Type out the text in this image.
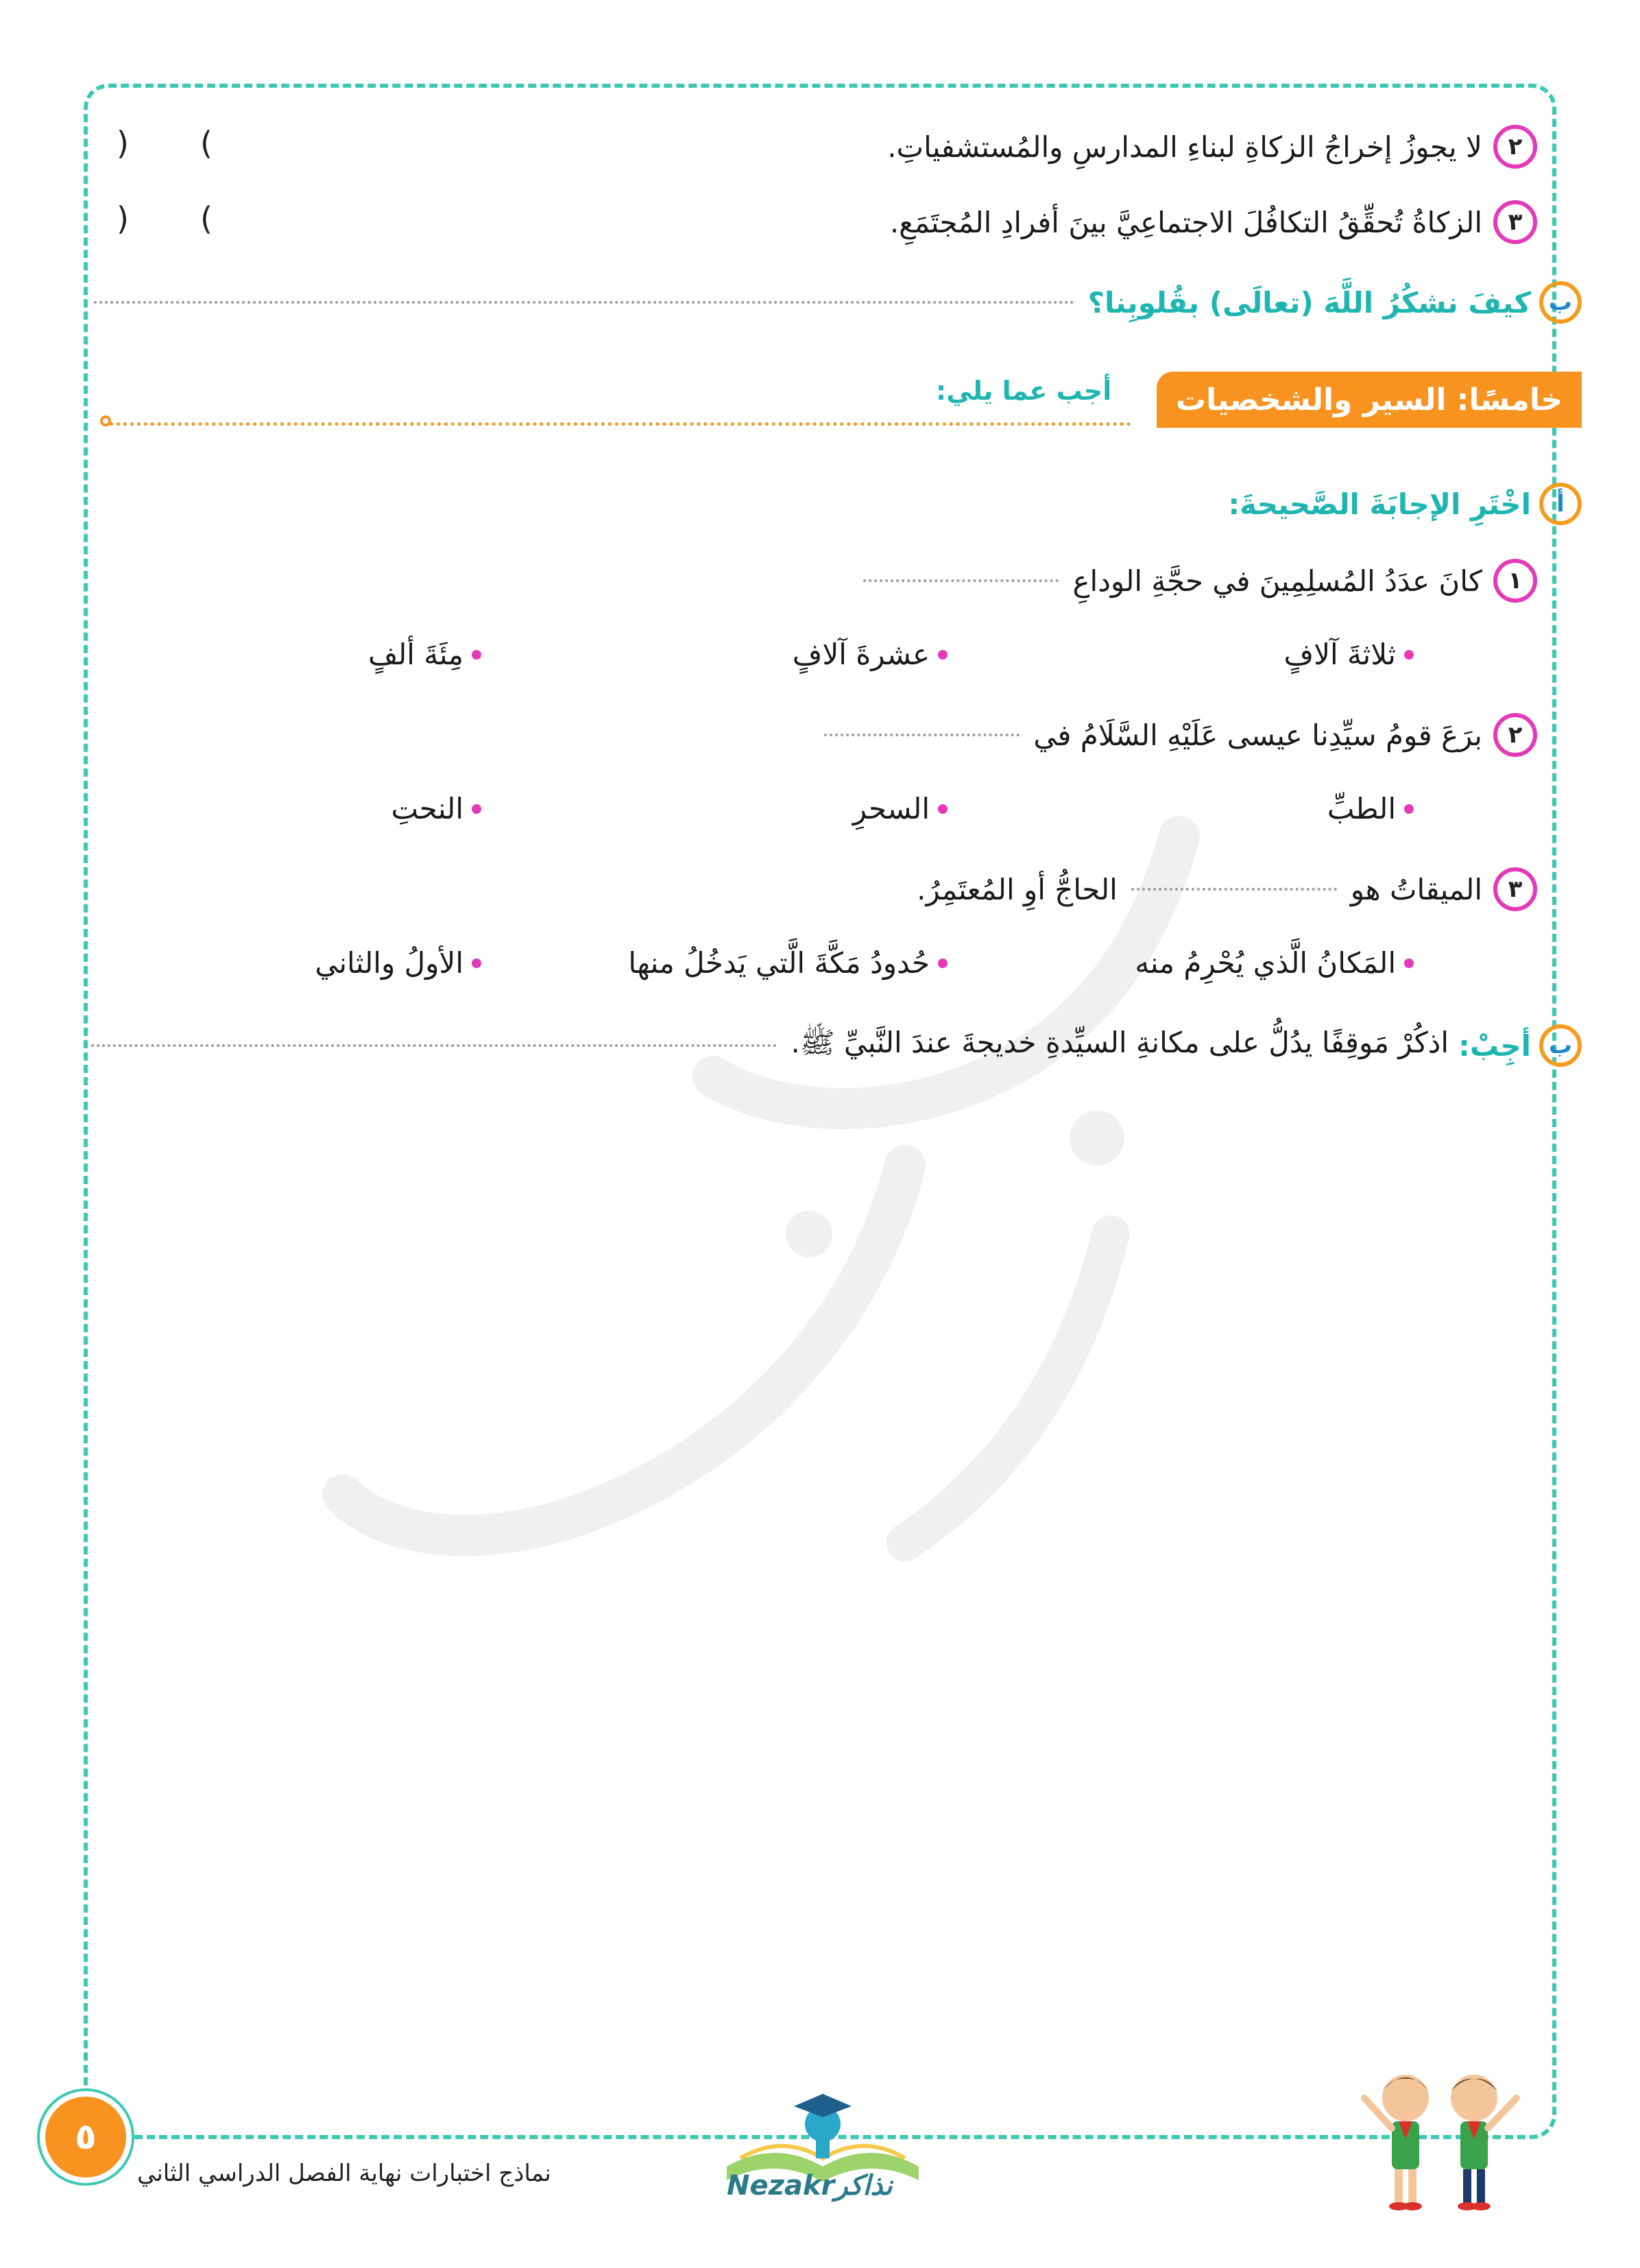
٢
لا يجوزُ إخراجُ الزكاةِ لبناءِ المدارسِ والمُستشفياتِ.
) (
٣
الزكاةُ تُحقِّقُ التكافُلَ الاجتماعِيَّ بينَ أفرادِ المُجتَمَعِ.
) (
ب
كيفَ نشكُرُ اللَّهَ (تعالَى) بقُلوبِنا؟
خامسًا: السير والشخصيات
أجب عما يلي:
أ
اخْتَرِ الإجابَةَ الصَّحيحةَ:
١
كانَ عدَدُ المُسلِمِينَ في حجَّةِ الوداعِ
ثلاثةَ آلافٍ
عشرةَ آلافٍ
مِئَةَ ألفٍ
٢
برَعَ قومُ سيِّدِنا عيسى عَلَيْهِ السَّلَامُ في
الطبِّ
السحرِ
النحتِ
٣
الميقاتُ هو
الحاجُّ أوِ المُعتَمِرُ.
المَكانُ الَّذي يُحْرِمُ منه
حُدودُ مَكَّةَ الَّتي يَدخُلُ منها
الأولُ والثاني
ب
أجِبْ:
اذكُرْ مَوقِفًا يدُلُّ على مكانةِ السيِّدةِ خديجةَ عندَ النَّبيِّ ﷺ.
٥
نماذج اختبارات نهاية الفصل الدراسي الثاني	Nezakrنذاكر
